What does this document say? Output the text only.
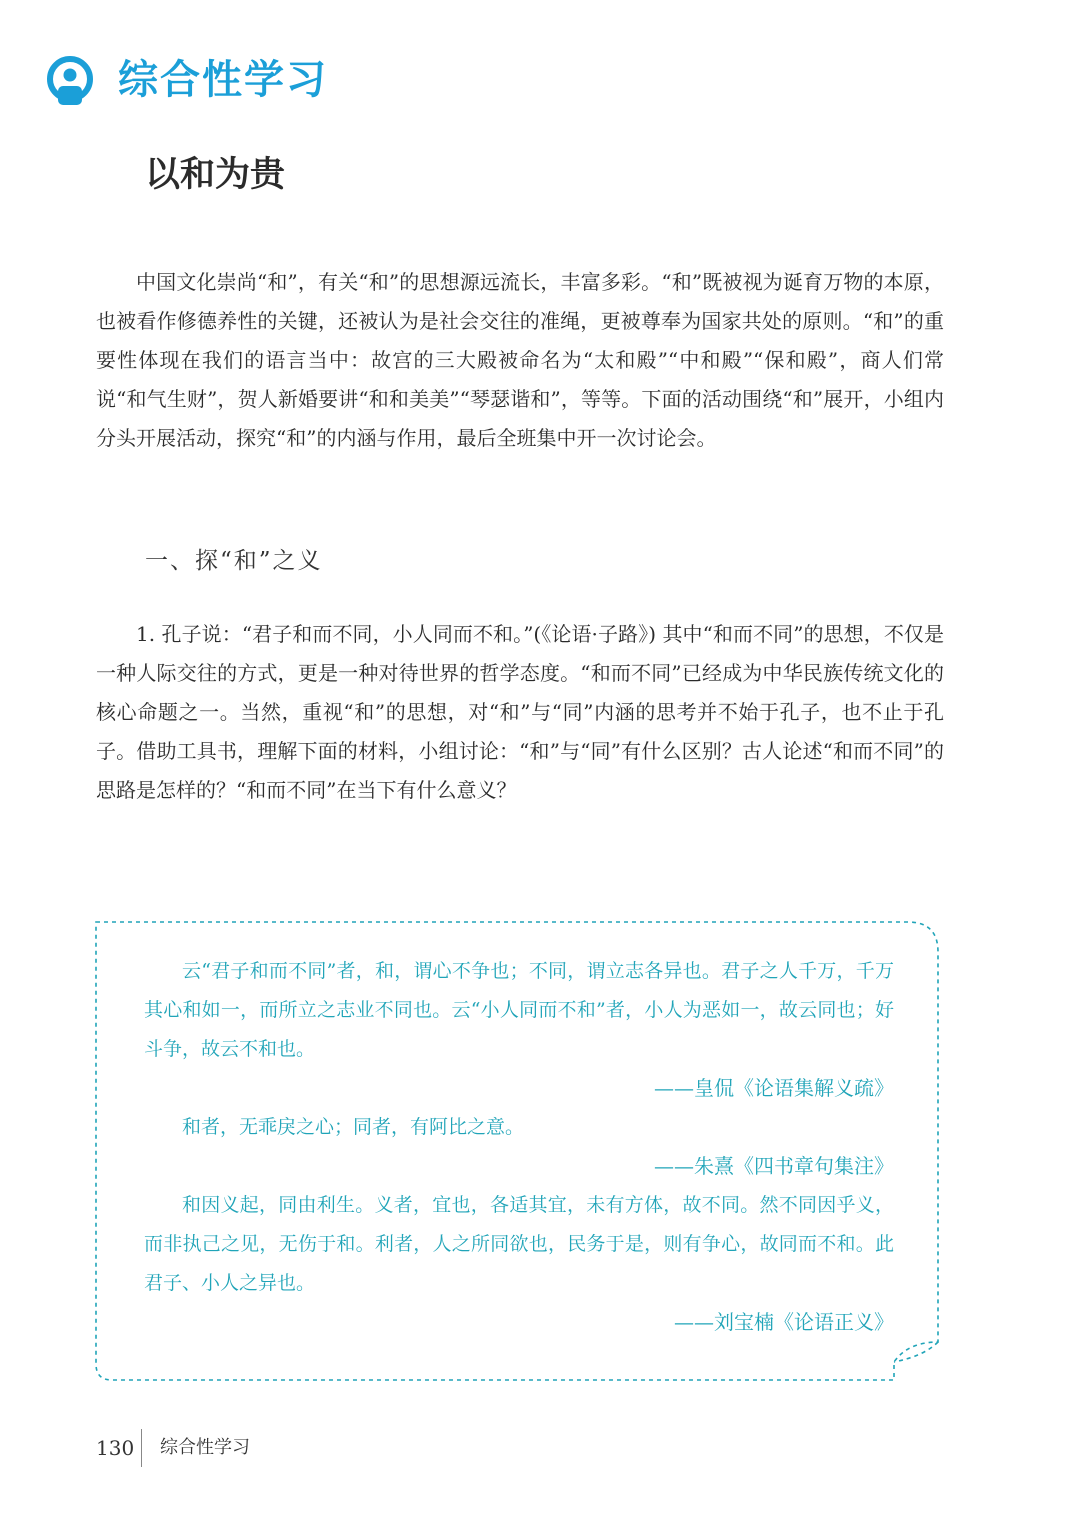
综合性学习
以和为贵

中国文化崇尚“和”，有关“和”的思想源远流长，丰富多彩。“和”既被视为诞育万物的本原，也被看作修德养性的关键，还被认为是社会交往的准绳，更被尊奉为国家共处的原则。“和”的重要性体现在我们的语言当中：故宫的三大殿被命名为“太和殿”“中和殿”“保和殿”，商人们常说“和气生财”，贺人新婚要讲“和和美美”“琴瑟谐和”，等等。下面的活动围绕“和”展开，小组内分头开展活动，探究“和”的内涵与作用，最后全班集中开一次讨论会。

一、探“和”之义

1. 孔子说：“君子和而不同，小人同而不和。”(《论语·子路》) 其中“和而不同”的思想，不仅是一种人际交往的方式，更是一种对待世界的哲学态度。“和而不同”已经成为中华民族传统文化的核心命题之一。当然，重视“和”的思想，对“和”与“同”内涵的思考并不始于孔子，也不止于孔子。借助工具书，理解下面的材料，小组讨论：“和”与“同”有什么区别？古人论述“和而不同”的思路是怎样的？“和而不同”在当下有什么意义？

云“君子和而不同”者，和，谓心不争也；不同，谓立志各异也。君子之人千万，千万其心和如一，而所立之志业不同也。云“小人同而不和”者，小人为恶如一，故云同也；好斗争，故云不和也。

——皇侃《论语集解义疏》

和者，无乖戾之心；同者，有阿比之意。

——朱熹《四书章句集注》

和因义起，同由利生。义者，宜也，各适其宜，未有方体，故不同。然不同因乎义，而非执己之见，无伤于和。利者，人之所同欲也，民务于是，则有争心，故同而不和。此君子、小人之异也。

——刘宝楠《论语正义》
130 综合性学习
